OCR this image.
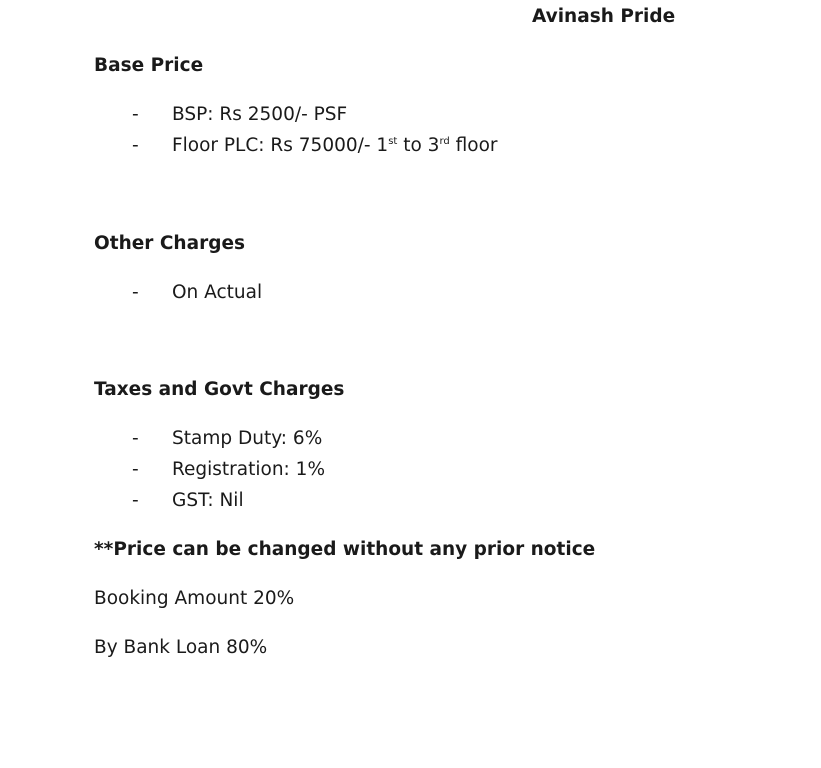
Avinash Pride
Base Price
- BSP: Rs 2500/- PSF
- Floor PLC: Rs 75000/- 1st to 3rd floor
Other Charges
- On Actual
Taxes and Govt Charges
- Stamp Duty: 6%
- Registration: 1%
- GST: Nil
**Price can be changed without any prior notice
Booking Amount 20%
By Bank Loan 80%
